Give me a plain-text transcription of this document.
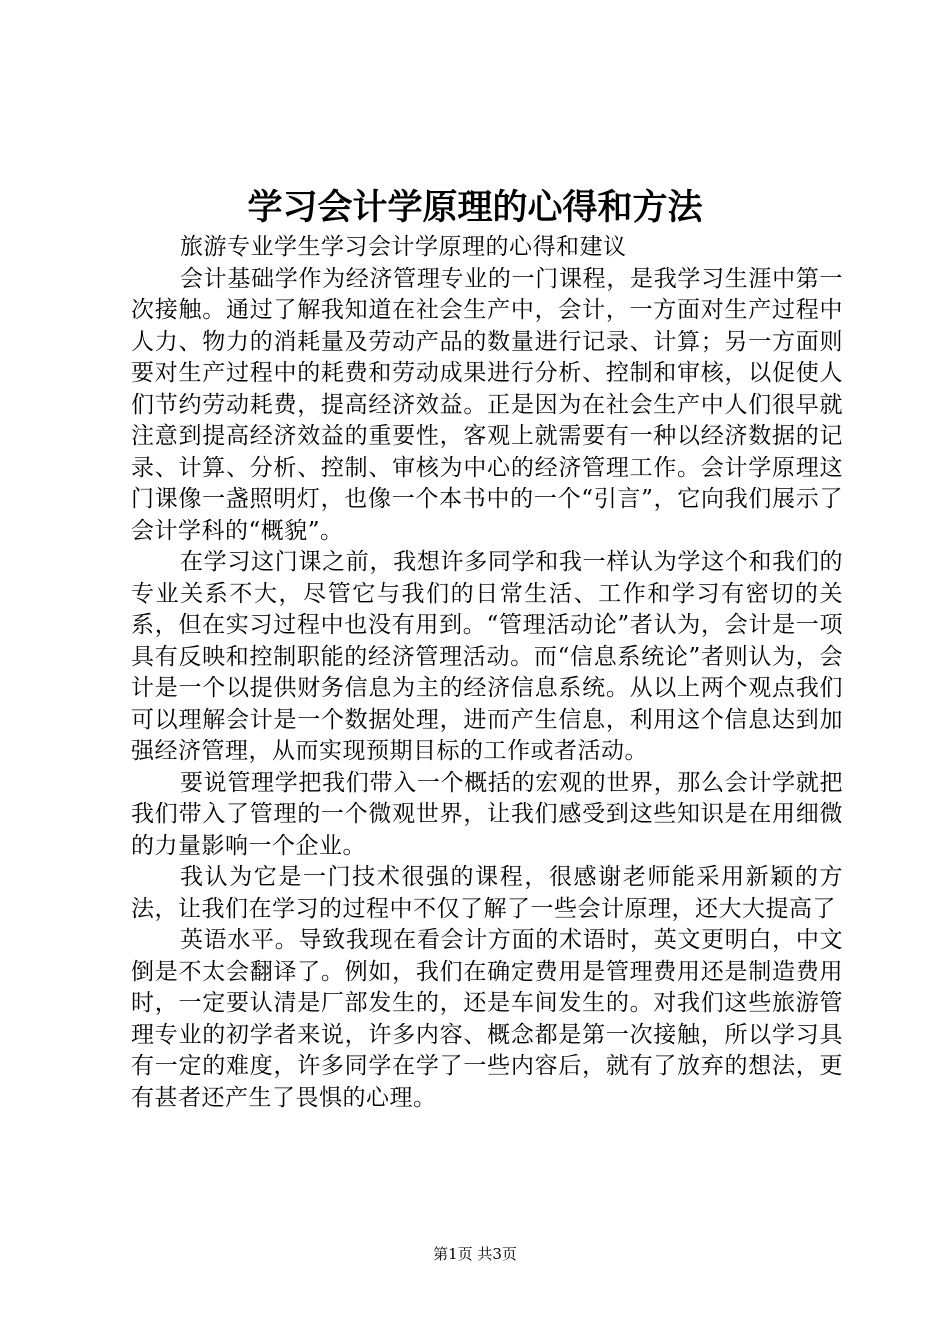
学习会计学原理的心得和方法

旅游专业学生学习会计学原理的心得和建议

会计基础学作为经济管理专业的一门课程，是我学习生涯中第一次接触。通过了解我知道在社会生产中，会计，一方面对生产过程中人力、物力的消耗量及劳动产品的数量进行记录、计算；另一方面则要对生产过程中的耗费和劳动成果进行分析、控制和审核，以促使人们节约劳动耗费，提高经济效益。正是因为在社会生产中人们很早就注意到提高经济效益的重要性，客观上就需要有一种以经济数据的记录、计算、分析、控制、审核为中心的经济管理工作。会计学原理这门课像一盏照明灯，也像一个本书中的一个“引言”，它向我们展示了会计学科的“概貌”。

在学习这门课之前，我想许多同学和我一样认为学这个和我们的专业关系不大，尽管它与我们的日常生活、工作和学习有密切的关系，但在实习过程中也没有用到。“管理活动论”者认为，会计是一项具有反映和控制职能的经济管理活动。而“信息系统论”者则认为，会计是一个以提供财务信息为主的经济信息系统。从以上两个观点我们可以理解会计是一个数据处理，进而产生信息，利用这个信息达到加强经济管理，从而实现预期目标的工作或者活动。

要说管理学把我们带入一个概括的宏观的世界，那么会计学就把我们带入了管理的一个微观世界，让我们感受到这些知识是在用细微的力量影响一个企业。

我认为它是一门技术很强的课程，很感谢老师能采用新颖的方法，让我们在学习的过程中不仅了解了一些会计原理，还大大提高了

英语水平。导致我现在看会计方面的术语时，英文更明白，中文倒是不太会翻译了。例如，我们在确定费用是管理费用还是制造费用时，一定要认清是厂部发生的，还是车间发生的。对我们这些旅游管理专业的初学者来说，许多内容、概念都是第一次接触，所以学习具有一定的难度，许多同学在学了一些内容后，就有了放弃的想法，更有甚者还产生了畏惧的心理。

第1页 共3页
